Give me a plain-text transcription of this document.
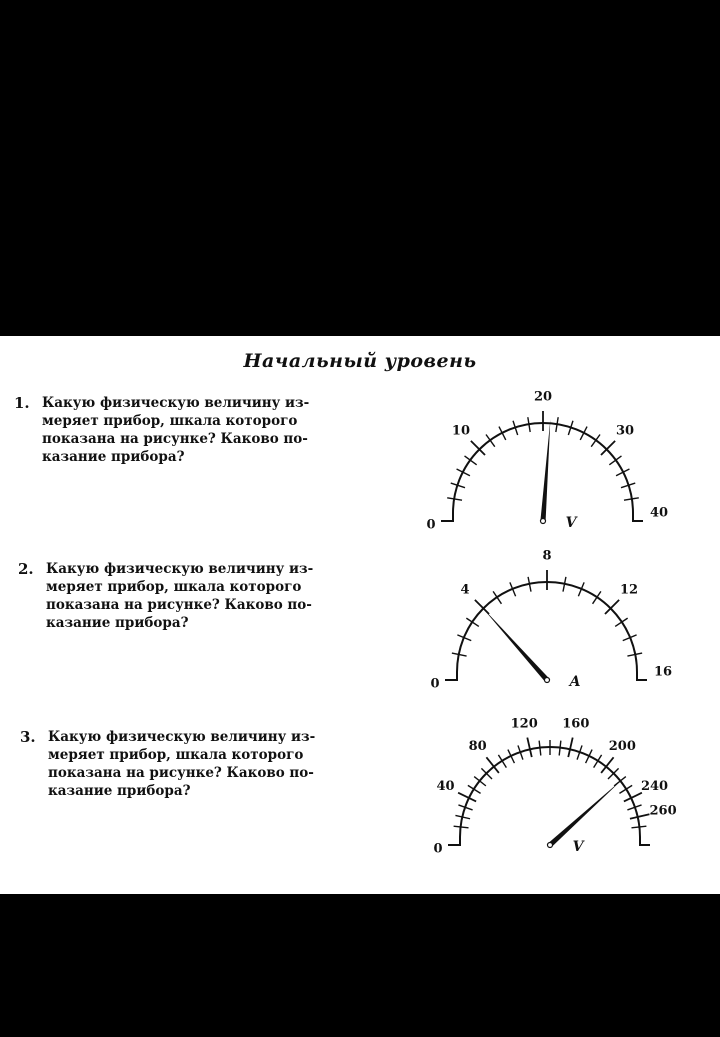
Начальный уровень
1. Какую физическую величину из-
меряет прибор, шкала которого
показана на рисунке? Каково по-
казание прибора?
2. Какую физическую величину из-
меряет прибор, шкала которого
показана на рисунке? Каково по-
казание прибора?
3. Какую физическую величину из-
меряет прибор, шкала которого
показана на рисунке? Каково по-
казание прибора?
0
10
20
30
40
V
0
4
8
12
16
A
0
40
80
120 160
200
240
260
V
